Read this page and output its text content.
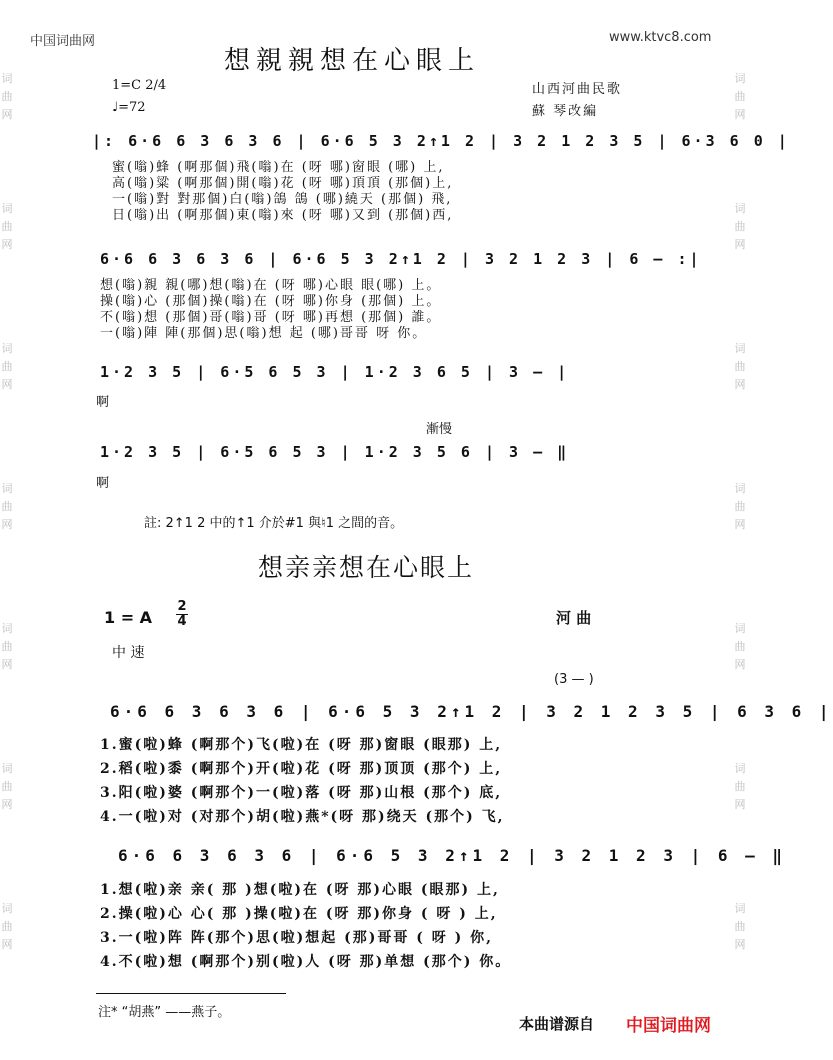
中国词曲网	www.ktvc8.com
词曲网
词曲网
词曲网
词曲网
词曲网
词曲网
词曲网
词曲网
词曲网
词曲网
词曲网
词曲网
词曲网
词曲网
想親親想在心眼上
1=C 2/4
♩=72
山西河曲民歌
蘇 琴改編
|: 6·6 6 3 6 3 6 | 6·6 5 3 2↑1 2 | 3 2 1 2 3 5 | 6·3 6 0 |
蜜(嗡)蜂 (啊那個)飛(嗡)在 (呀 哪)窗眼 (哪) 上,
高(嗡)粱 (啊那個)開(嗡)花 (呀 哪)頂頂 (那個)上,
一(嗡)對 對那個)白(嗡)鴿 鴿 (哪)繞天 (那個) 飛,
日(嗡)出 (啊那個)東(嗡)來 (呀 哪)又到 (那個)西,
6·6 6 3 6 3 6 | 6·6 5 3 2↑1 2 | 3 2 1 2 3 | 6 — :|
想(嗡)親 親(哪)想(嗡)在 (呀 哪)心眼 眼(哪) 上。
操(嗡)心 (那個)操(嗡)在 (呀 哪)你身 (那個) 上。
不(嗡)想 (那個)哥(嗡)哥 (呀 哪)再想 (那個) 誰。
一(嗡)陣 陣(那個)思(嗡)想 起 (哪)哥哥 呀 你。
1·2 3 5 | 6·5 6 5 3 | 1·2 3 6 5 | 3 — |
啊
漸慢
1·2 3 5 | 6·5 6 5 3 | 1·2 3 5 6 | 3 — ‖
啊
註: 2↑1 2 中的↑1 介於#1 與♮1 之間的音。
想亲亲想在心眼上
1 = A
2
4	河 曲
中 速
(3 — )
6·6 6 3 6 3 6 | 6·6 5 3 2↑1 2 | 3 2 1 2 3 5 | 6 3 6 |
1.蜜(啦)蜂 (啊那个)飞(啦)在 (呀 那)窗眼 (眼那) 上,
2.稻(啦)黍 (啊那个)开(啦)花 (呀 那)顶顶 (那个) 上,
3.阳(啦)婆 (啊那个)一(啦)落 (呀 那)山根 (那个) 底,
4.一(啦)对 (对那个)胡(啦)燕*(呀 那)绕天 (那个) 飞,
6·6 6 3 6 3 6 | 6·6 5 3 2↑1 2 | 3 2 1 2 3 | 6 — ‖
1.想(啦)亲 亲( 那 )想(啦)在 (呀 那)心眼 (眼那) 上,
2.操(啦)心 心( 那 )操(啦)在 (呀 那)你身 ( 呀 ) 上,
3.一(啦)阵 阵(那个)思(啦)想起 (那)哥哥 ( 呀 ) 你,
4.不(啦)想 (啊那个)别(啦)人 (呀 那)单想 (那个) 你。
注* “胡燕” ——燕子。
本曲谱源自 中国词曲网
